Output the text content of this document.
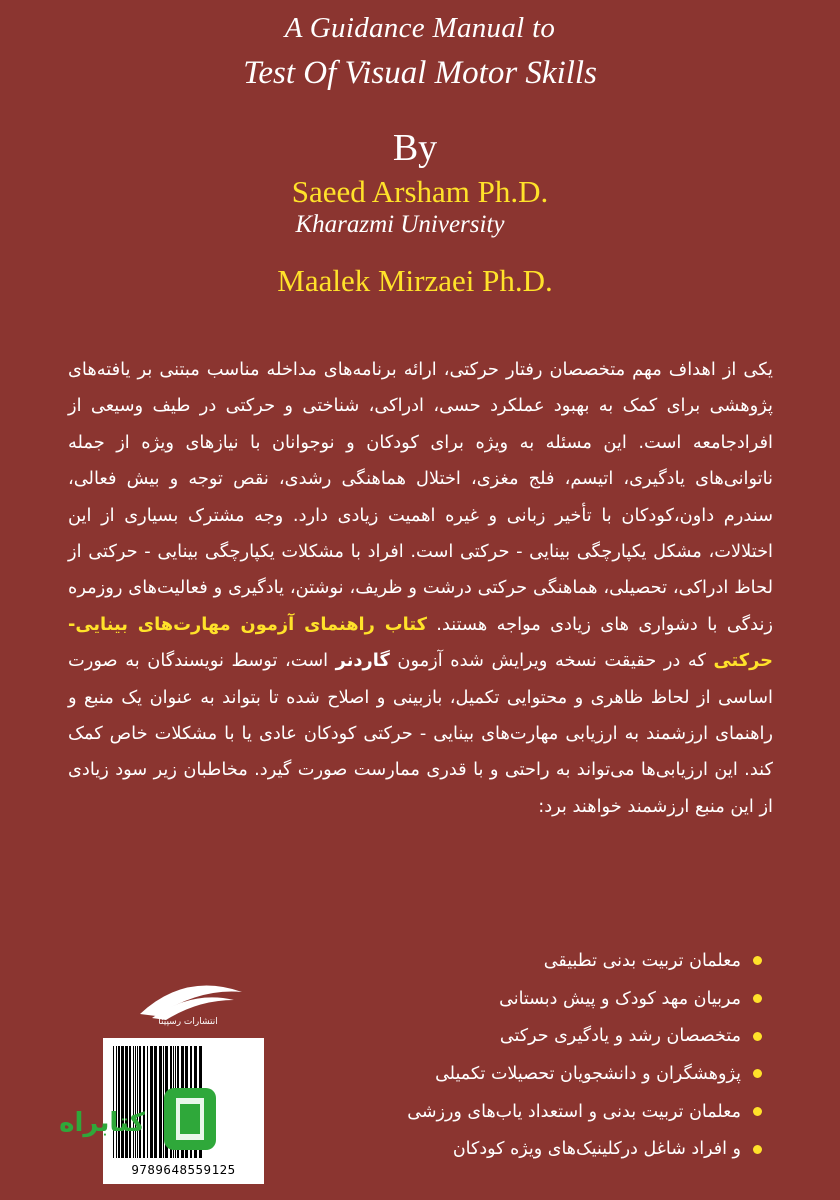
A Guidance Manual to
Test Of Visual Motor Skills
By
Saeed Arsham Ph.D.
Kharazmi University
Maalek Mirzaei Ph.D.

یکی از اهداف مهم متخصصان رفتار حرکتی، ارائه برنامه‌های مداخله مناسب مبتنی بر یافته‌های پژوهشی برای کمک به بهبود عملکرد حسی، ادراکی، شناختی و حرکتی در طیف وسیعی از افرادجامعه است. این مسئله به ویژه برای کودکان و نوجوانان با نیازهای ویژه از جمله ناتوانی‌های یادگیری، اتیسم، فلج مغزی، اختلال هماهنگی رشدی، نقص توجه و بیش فعالی، سندرم داون،کودکان با تأخیر زبانی و غیره اهمیت زیادی دارد. وجه مشترک بسیاری از این اختلالات، مشکل یکپارچگی بینایی - حرکتی است. افراد با مشکلات یکپارچگی بینایی - حرکتی از لحاظ ادراکی، تحصیلی، هماهنگی حرکتی درشت و ظریف، نوشتن، یادگیری و فعالیت‌های روزمره زندگی با دشواری های زیادی مواجه هستند. کتاب راهنمای آزمون مهارت‌های بینایی- حرکتی که در حقیقت نسخه ویرایش شده آزمون گاردنر است، توسط نویسندگان به صورت اساسی از لحاظ ظاهری و محتوایی تکمیل، بازبینی و اصلاح شده تا بتواند به عنوان یک منبع و راهنمای ارزشمند به ارزیابی مهارت‌های بینایی - حرکتی کودکان عادی یا با مشکلات خاص کمک کند. این ارزیابی‌ها می‌تواند به راحتی و با قدری ممارست صورت گیرد. مخاطبان زیر سود زیادی از این منبع ارزشمند خواهند برد:

معلمان تربیت بدنی تطبیقی
مربیان مهد کودک و پیش دبستانی
متخصصان رشد و یادگیری حرکتی
پژوهشگران و دانشجویان تحصیلات تکمیلی
معلمان تربیت بدنی و استعداد یاب‌های ورزشی
و افراد شاغل درکلینیک‌های ویژه کودکان
انتشارات رسپینا
9789648559125
کتابراه
